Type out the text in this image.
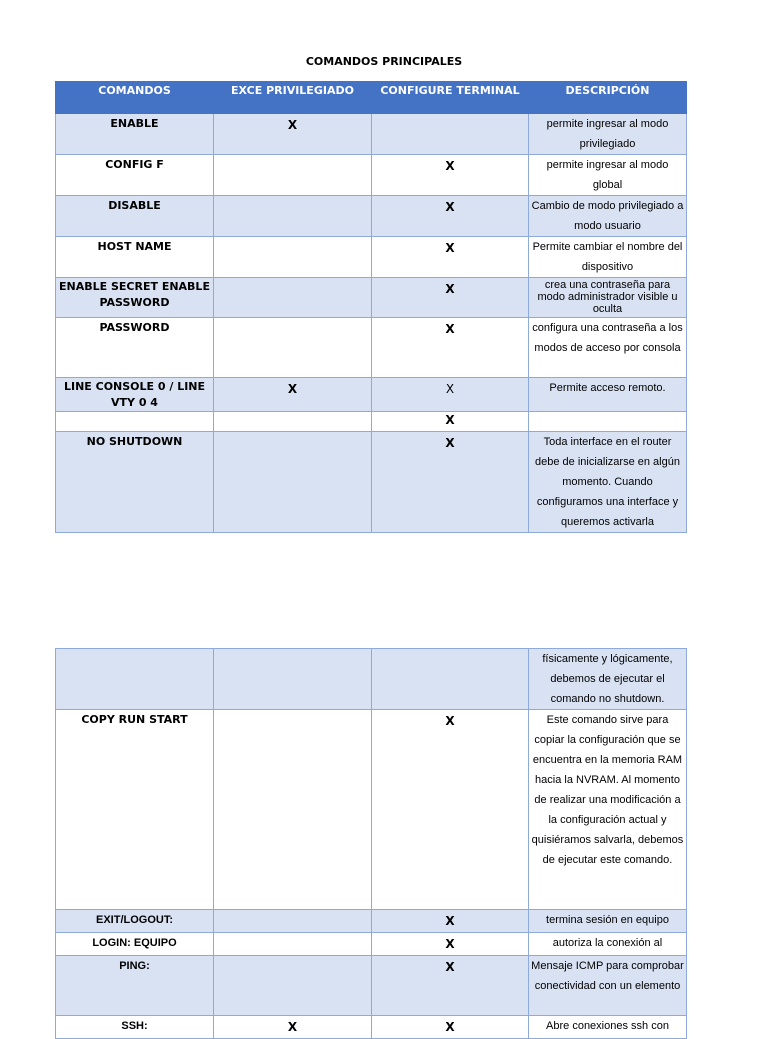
COMANDOS PRINCIPALES
COMANDOS	EXCE PRIVILEGIADO	CONFIGURE TERMINAL	DESCRIPCIÓN
ENABLE	X		permite ingresar al modo privilegiado
CONFIG F		X	permite ingresar al modo global
DISABLE		X	Cambio de modo privilegiado a modo usuario
HOST NAME		X	Permite cambiar el nombre del dispositivo
ENABLE SECRET ENABLE PASSWORD		X	crea una contraseña para modo administrador visible u oculta
PASSWORD		X	configura una contraseña a los modos de acceso por consola
LINE CONSOLE 0 / LINE VTY 0 4	X	X	Permite acceso remoto.
		X	
NO SHUTDOWN		X	Toda interface en el router debe de inicializarse en algún momento. Cuando configuramos una interface y queremos activarla
			físicamente y lógicamente, debemos de ejecutar el comando no shutdown.
COPY RUN START		X	Este comando sirve para copiar la configuración que se encuentra en la memoria RAM hacia la NVRAM. Al momento de realizar una modificación a la configuración actual y quisiéramos salvarla, debemos de ejecutar este comando.
EXIT/LOGOUT:		X	termina sesión en equipo
LOGIN: EQUIPO		X	autoriza la conexión al
PING:		X	Mensaje ICMP para comprobar conectividad con un elemento
SSH:	X	X	Abre conexiones ssh con
